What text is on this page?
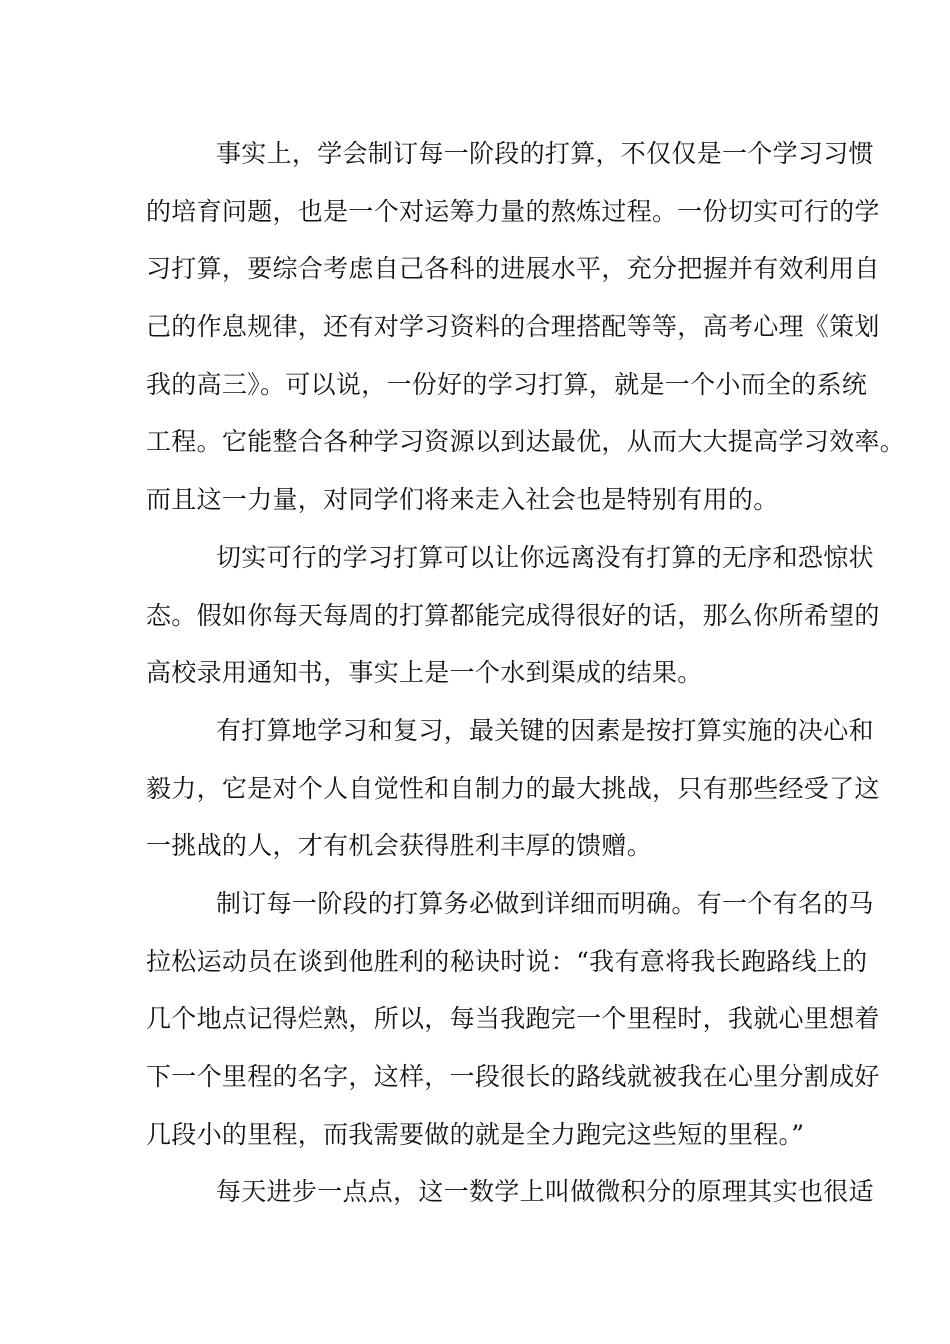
事实上，学会制订每一阶段的打算，不仅仅是一个学习习惯
的培育问题，也是一个对运筹力量的熬炼过程。一份切实可行的学
习打算，要综合考虑自己各科的进展水平，充分把握并有效利用自
己的作息规律，还有对学习资料的合理搭配等等，高考心理《策划
我的高三》。可以说，一份好的学习打算，就是一个小而全的系统
工程。它能整合各种学习资源以到达最优，从而大大提高学习效率。
而且这一力量，对同学们将来走入社会也是特别有用的。
切实可行的学习打算可以让你远离没有打算的无序和恐惊状
态。假如你每天每周的打算都能完成得很好的话，那么你所希望的
高校录用通知书，事实上是一个水到渠成的结果。
有打算地学习和复习，最关键的因素是按打算实施的决心和
毅力，它是对个人自觉性和自制力的最大挑战，只有那些经受了这
一挑战的人，才有机会获得胜利丰厚的馈赠。
制订每一阶段的打算务必做到详细而明确。有一个有名的马
拉松运动员在谈到他胜利的秘诀时说：“我有意将我长跑路线上的
几个地点记得烂熟，所以，每当我跑完一个里程时，我就心里想着
下一个里程的名字，这样，一段很长的路线就被我在心里分割成好
几段小的里程，而我需要做的就是全力跑完这些短的里程。”
每天进步一点点，这一数学上叫做微积分的原理其实也很适
